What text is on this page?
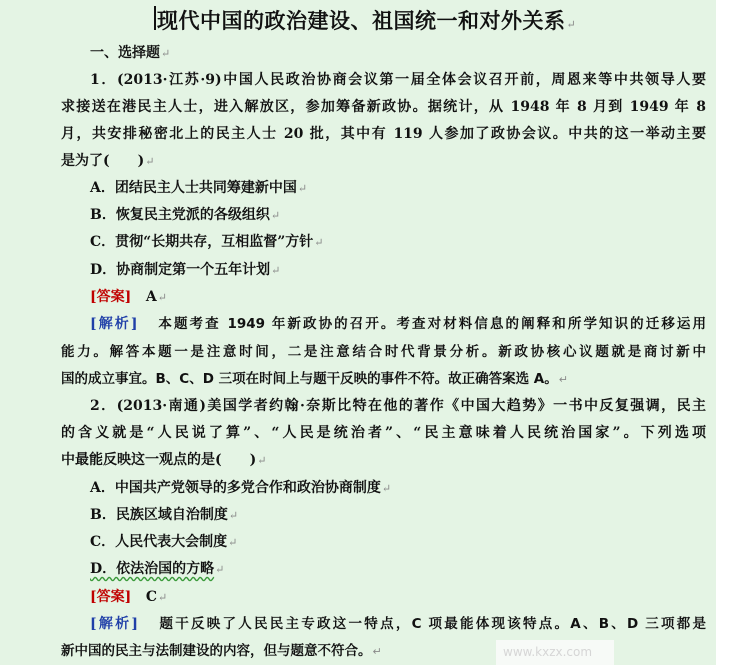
现代中国的政治建设、祖国统一和对外关系↵
一、选择题↵
1．(2013·江苏·9)中国人民政治协商会议第一届全体会议召开前，周恩来等中共领导人要
求接送在港民主人士，进入解放区，参加筹备新政协。据统计，从 1948 年 8 月到 1949 年 8
月，共安排秘密北上的民主人士 20 批，其中有 119 人参加了政协会议。中共的这一举动主要
是为了(　　)↵
A．团结民主人士共同筹建新中国↵
B．恢复民主党派的各级组织↵
C．贯彻“长期共存，互相监督”方针↵
D．协商制定第一个五年计划↵
[答案] A↵
[解析] 本题考查 1949 年新政协的召开。考查对材料信息的阐释和所学知识的迁移运用
能力。解答本题一是注意时间，二是注意结合时代背景分析。新政协核心议题就是商讨新中
国的成立事宜。B、C、D 三项在时间上与题干反映的事件不符。故正确答案选 A。↵
2．(2013·南通)美国学者约翰·奈斯比特在他的著作《中国大趋势》一书中反复强调，民主
的含义就是“人民说了算”、“人民是统治者”、“民主意味着人民统治国家”。下列选项
中最能反映这一观点的是(　　)↵
A．中国共产党领导的多党合作和政治协商制度↵
B．民族区域自治制度↵
C．人民代表大会制度↵
D．依法治国的方略↵
[答案] C↵
[解析] 题干反映了人民民主专政这一特点，C 项最能体现该特点。A、B、D 三项都是
新中国的民主与法制建设的内容，但与题意不符合。↵	www.kxzx.com
